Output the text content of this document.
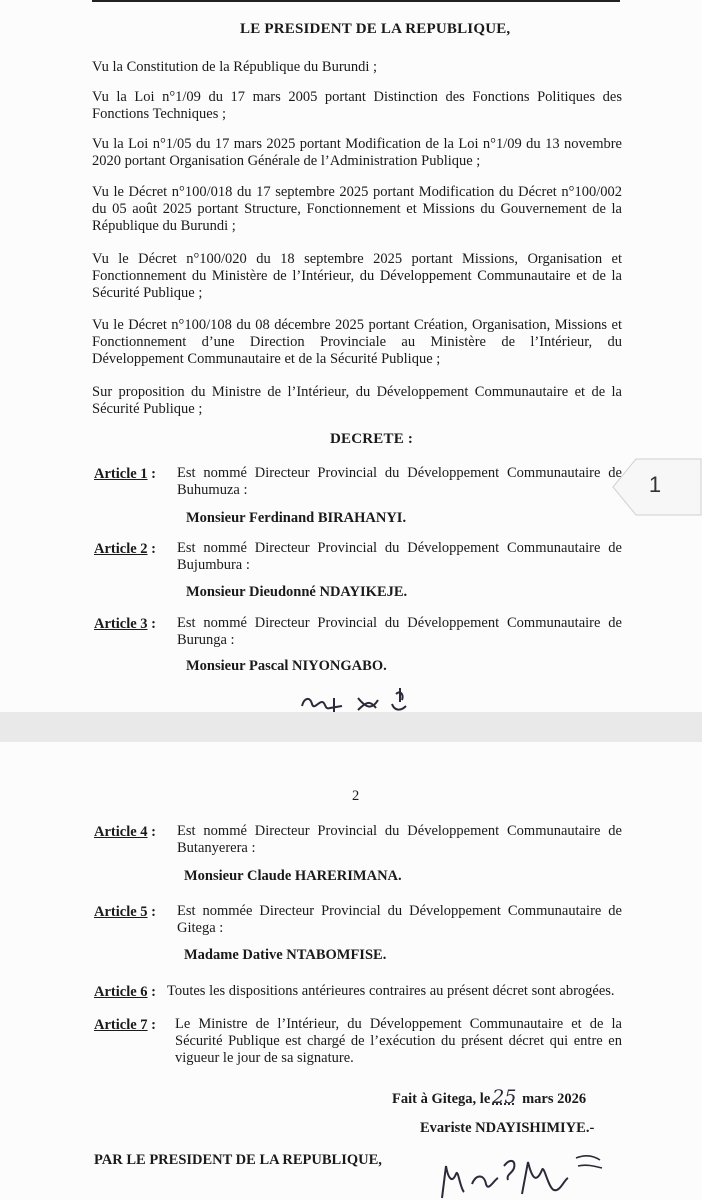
LE PRESIDENT DE LA REPUBLIQUE,
Vu la Constitution de la République du Burundi ;
Vu la Loi n°1/09 du 17 mars 2005 portant Distinction des Fonctions Politiques des Fonctions Techniques ;
Vu la Loi n°1/05 du 17 mars 2025 portant Modification de la Loi n°1/09 du 13 novembre 2020 portant Organisation Générale de l’Administration Publique ;
Vu le Décret n°100/018 du 17 septembre 2025 portant Modification du Décret n°100/002 du 05 août 2025 portant Structure, Fonctionnement et Missions du Gouvernement de la République du Burundi ;
Vu le Décret n°100/020 du 18 septembre 2025 portant Missions, Organisation et Fonctionnement du Ministère de l’Intérieur, du Développement Communautaire et de la Sécurité Publique ;
Vu le Décret n°100/108 du 08 décembre 2025 portant Création, Organisation, Missions et Fonctionnement d’une Direction Provinciale au Ministère de l’Intérieur, du Développement Communautaire et de la Sécurité Publique ;
Sur proposition du Ministre de l’Intérieur, du Développement Communautaire et de la Sécurité Publique ;
DECRETE :
Article 1 : Est nommé Directeur Provincial du Développement Communautaire de Buhumuza :
Monsieur Ferdinand BIRAHANYI.
Article 2 : Est nommé Directeur Provincial du Développement Communautaire de Bujumbura :
Monsieur Dieudonné NDAYIKEJE.
Article 3 : Est nommé Directeur Provincial du Développement Communautaire de Burunga :
Monsieur Pascal NIYONGABO.
1
2
Article 4 : Est nommé Directeur Provincial du Développement Communautaire de Butanyerera :
Monsieur Claude HARERIMANA.
Article 5 : Est nommée Directeur Provincial du Développement Communautaire de Gitega :
Madame Dative NTABOMFISE.
Article 6 : Toutes les dispositions antérieures contraires au présent décret sont abrogées.
Article 7 : Le Ministre de l’Intérieur, du Développement Communautaire et de la Sécurité Publique est chargé de l’exécution du présent décret qui entre en vigueur le jour de sa signature.
Fait à Gitega, le 25 mars 2026
Evariste NDAYISHIMIYE.-
PAR LE PRESIDENT DE LA REPUBLIQUE,
